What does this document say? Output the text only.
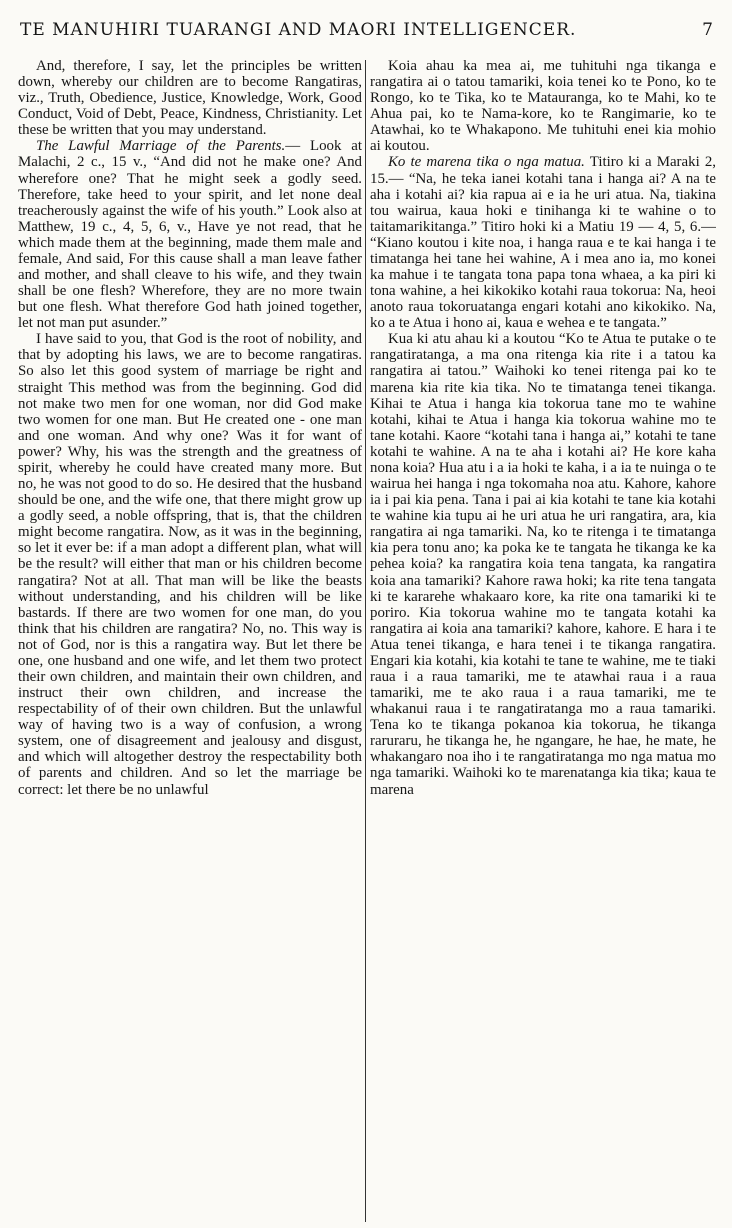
TE MANUHIRI TUARANGI AND MAORI INTELLIGENCER.	7

And, therefore, I say, let the principles be written down, whereby our children are to become Rangatiras, viz., Truth, Obedience, Justice, Knowledge, Work, Good Conduct, Void of Debt, Peace, Kindness, Christianity. Let these be written that you may understand.

The Lawful Marriage of the Parents.— Look at Malachi, 2 c., 15 v., “And did not he make one? And wherefore one? That he might seek a godly seed. Therefore, take heed to your spirit, and let none deal treacherously against the wife of his youth.” Look also at Matthew, 19 c., 4, 5, 6, v., Have ye not read, that he which made them at the beginning, made them male and female, And said, For this cause shall a man leave father and mother, and shall cleave to his wife, and they twain shall be one flesh? Wherefore, they are no more twain but one flesh. What therefore God hath joined together, let not man put asunder.”

I have said to you, that God is the root of nobility, and that by adopting his laws, we are to become rangatiras. So also let this good system of marriage be right and straight This method was from the beginning. God did not make two men for one woman, nor did God make two women for one man. But He created one - one man and one woman. And why one? Was it for want of power? Why, his was the strength and the greatness of spirit, whereby he could have created many more. But no, he was not good to do so. He desired that the husband should be one, and the wife one, that there might grow up a godly seed, a noble offspring, that is, that the children might become rangatira. Now, as it was in the beginning, so let it ever be: if a man adopt a different plan, what will be the result? will either that man or his children become rangatira? Not at all. That man will be like the beasts without understanding, and his children will be like bastards. If there are two women for one man, do you think that his children are rangatira? No, no. This way is not of God, nor is this a rangatira way. But let there be one, one husband and one wife, and let them two protect their own children, and maintain their own children, and instruct their own children, and increase the respectability of of their own children. But the unlawful way of having two is a way of confusion, a wrong system, one of disagreement and jealousy and disgust, and which will altogether destroy the respectability both of parents and children. And so let the marriage be correct: let there be no unlawful

Koia ahau ka mea ai, me tuhituhi nga tikanga e rangatira ai o tatou tamariki, koia tenei ko te Pono, ko te Rongo, ko te Tika, ko te Matauranga, ko te Mahi, ko te Ahua pai, ko te Nama-kore, ko te Rangimarie, ko te Atawhai, ko te Whakapono. Me tuhituhi enei kia mohio ai koutou.

Ko te marena tika o nga matua. Titiro ki a Maraki 2, 15.— “Na, he teka ianei kotahi tana i hanga ai? A na te aha i kotahi ai? kia rapua ai e ia he uri atua. Na, tiakina tou wairua, kaua hoki e tinihanga ki te wahine o to taitamarikitanga.” Titiro hoki ki a Matiu 19 — 4, 5, 6.— “Kiano koutou i kite noa, i hanga raua e te kai hanga i te timatanga hei tane hei wahine, A i mea ano ia, mo konei ka mahue i te tangata tona papa tona whaea, a ka piri ki tona wahine, a hei kikokiko kotahi raua tokorua: Na, heoi anoto raua tokoruatanga engari kotahi ano kikokiko. Na, ko a te Atua i hono ai, kaua e wehea e te tangata.”

Kua ki atu ahau ki a koutou “Ko te Atua te putake o te rangatiratanga, a ma ona ritenga kia rite i a tatou ka rangatira ai tatou.” Waihoki ko tenei ritenga pai ko te marena kia rite kia tika. No te timatanga tenei tikanga. Kihai te Atua i hanga kia tokorua tane mo te wahine kotahi, kihai te Atua i hanga kia tokorua wahine mo te tane kotahi. Kaore “kotahi tana i hanga ai,” kotahi te tane kotahi te wahine. A na te aha i kotahi ai? He kore kaha nona koia? Hua atu i a ia hoki te kaha, i a ia te nuinga o te wairua hei hanga i nga tokomaha noa atu. Kahore, kahore ia i pai kia pena. Tana i pai ai kia kotahi te tane kia kotahi te wahine kia tupu ai he uri atua he uri rangatira, ara, kia rangatira ai nga tamariki. Na, ko te ritenga i te timatanga kia pera tonu ano; ka poka ke te tangata he tikanga ke ka pehea koia? ka rangatira koia tena tangata, ka rangatira koia ana tamariki? Kahore rawa hoki; ka rite tena tangata ki te kararehe whakaaro kore, ka rite ona tamariki ki te poriro. Kia tokorua wahine mo te tangata kotahi ka rangatira ai koia ana tamariki? kahore, kahore. E hara i te Atua tenei tikanga, e hara tenei i te tikanga rangatira. Engari kia kotahi, kia kotahi te tane te wahine, me te tiaki raua i a raua tamariki, me te atawhai raua i a raua tamariki, me te ako raua i a raua tamariki, me te whakanui raua i te rangatiratanga mo a raua tamariki. Tena ko te tikanga pokanoa kia tokorua, he tikanga raruraru, he tikanga he, he ngangare, he hae, he mate, he whakangaro noa iho i te rangatiratanga mo nga matua mo nga tamariki. Waihoki ko te marenatanga kia tika; kaua te marena
